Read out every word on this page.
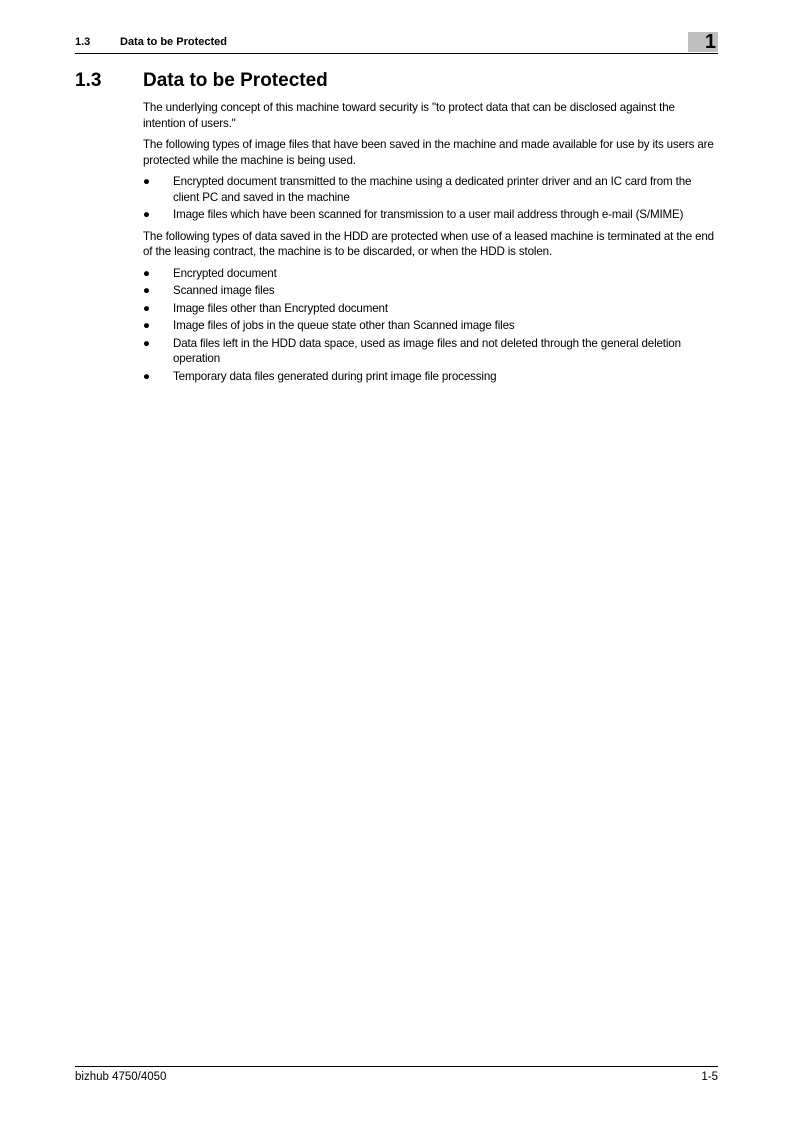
1.3	Data to be Protected	1
1.3 Data to be Protected

The underlying concept of this machine toward security is "to protect data that can be disclosed against the intention of users."

The following types of image files that have been saved in the machine and made available for use by its users are protected while the machine is being used.

●	Encrypted document transmitted to the machine using a dedicated printer driver and an IC card from the client PC and saved in the machine
●	Image files which have been scanned for transmission to a user mail address through e-mail (S/MIME)

The following types of data saved in the HDD are protected when use of a leased machine is terminated at the end of the leasing contract, the machine is to be discarded, or when the HDD is stolen.

●	Encrypted document
●	Scanned image files
●	Image files other than Encrypted document
●	Image files of jobs in the queue state other than Scanned image files
●	Data files left in the HDD data space, used as image files and not deleted through the general deletion operation
●	Temporary data files generated during print image file processing
bizhub 4750/4050	1-5
